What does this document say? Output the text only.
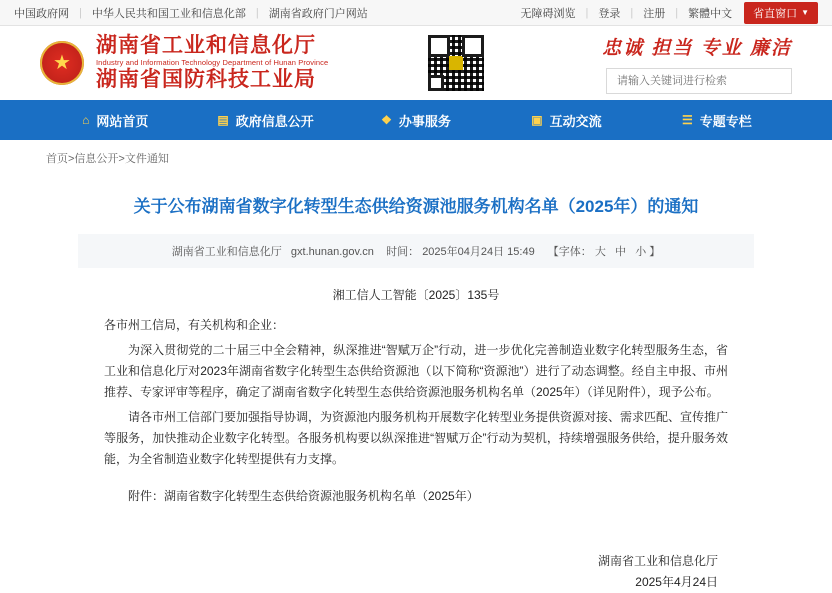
中国政府网 | 中华人民共和国工业和信息化部 | 湖南省政府门户网站	无障碍浏览 | 登录 | 注册 | 繁體中文 省直窗口 ▼
★
湖南省工业和信息化厅
Industry and Information Technology Department of Hunan Province
湖南省国防科技工业局
忠诚 担当 专业 廉洁
请输入关键词进行检索
⌂ 网站首页	▤ 政府信息公开	❖ 办事服务	▣ 互动交流	☰ 专题专栏
首页>信息公开>文件通知
关于公布湖南省数字化转型生态供给资源池服务机构名单（2025年）的通知
湖南省工业和信息化厅 gxt.hunan.gov.cn 时间： 2025年04月24日 15:49 【字体： 大 中 小 】
湘工信人工智能〔2025〕135号

各市州工信局，有关机构和企业：

为深入贯彻党的二十届三中全会精神，纵深推进“智赋万企”行动，进一步优化完善制造业数字化转型服务生态，省工业和信息化厅对2023年湖南省数字化转型生态供给资源池（以下简称“资源池”）进行了动态调整。经自主申报、市州推荐、专家评审等程序，确定了湖南省数字化转型生态供给资源池服务机构名单（2025年）（详见附件），现予公布。

请各市州工信部门要加强指导协调，为资源池内服务机构开展数字化转型业务提供资源对接、需求匹配、宣传推广等服务，加快推动企业数字化转型。各服务机构要以纵深推进“智赋万企”行动为契机，持续增强服务供给，提升服务效能，为全省制造业数字化转型提供有力支撑。

附件：湖南省数字化转型生态供给资源池服务机构名单（2025年）
湖南省工业和信息化厅
2025年4月24日
